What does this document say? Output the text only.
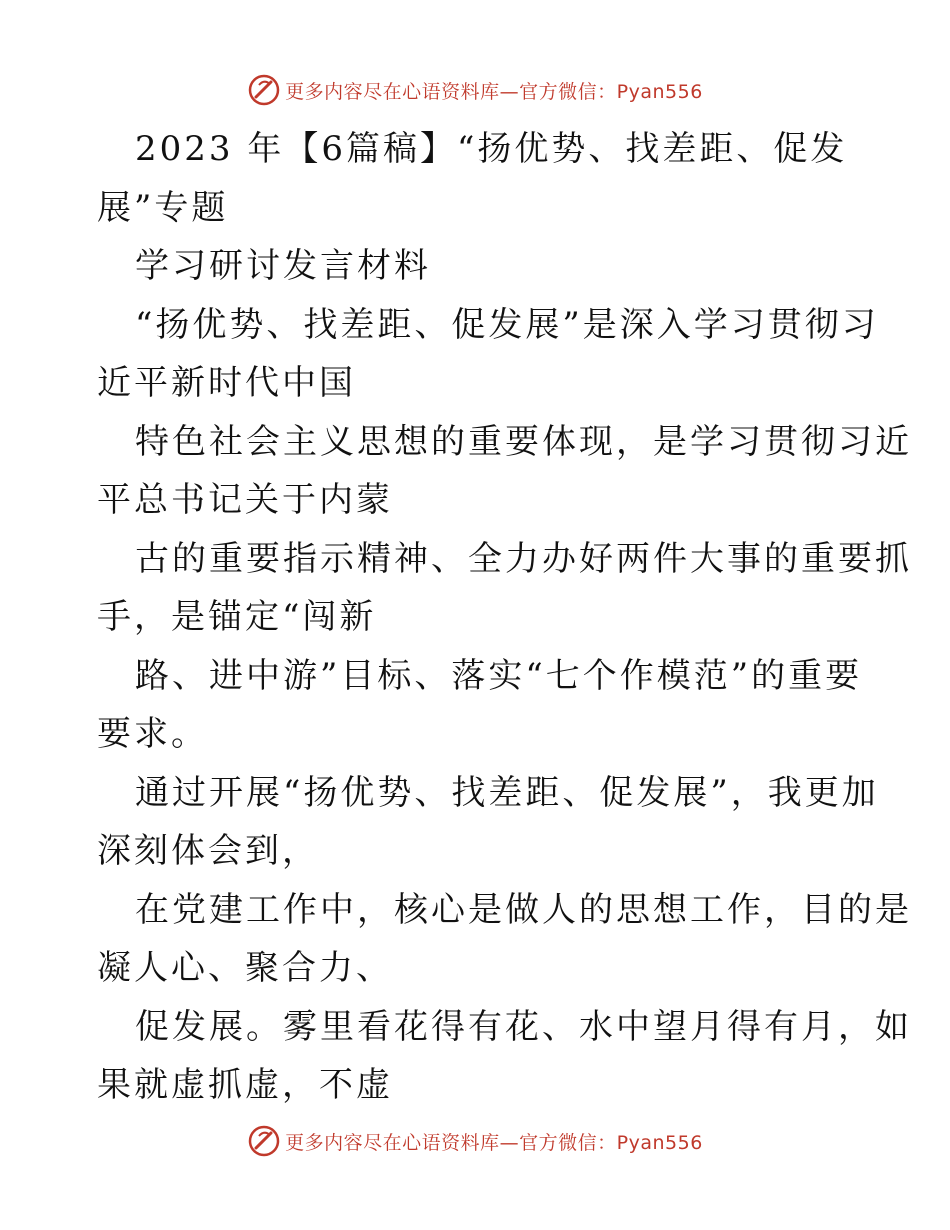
更多内容尽在心语资料库—官方微信：Pyan556
2023 年【6篇稿】“扬优势、找差距、促发
展”专题
学习研讨发言材料
“扬优势、找差距、促发展”是深入学习贯彻习
近平新时代中国
特色社会主义思想的重要体现，是学习贯彻习近
平总书记关于内蒙
古的重要指示精神、全力办好两件大事的重要抓
手，是锚定“闯新
路、进中游”目标、落实“七个作模范”的重要
要求。
通过开展“扬优势、找差距、促发展”，我更加
深刻体会到，
在党建工作中，核心是做人的思想工作，目的是
凝人心、聚合力、
促发展。雾里看花得有花、水中望月得有月，如
果就虚抓虚，不虚
更多内容尽在心语资料库—官方微信：Pyan556
